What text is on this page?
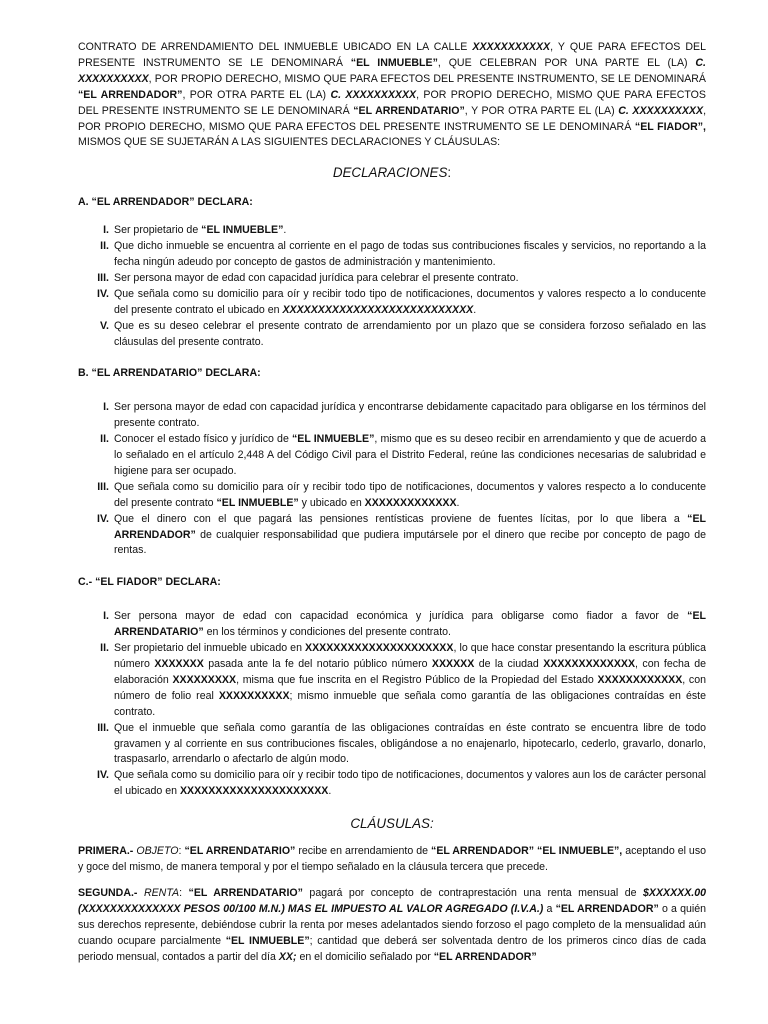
CONTRATO DE ARRENDAMIENTO DEL INMUEBLE UBICADO EN LA CALLE XXXXXXXXXXX, Y QUE PARA EFECTOS DEL PRESENTE INSTRUMENTO SE LE DENOMINARÁ “EL INMUEBLE”, QUE CELEBRAN POR UNA PARTE EL (LA) C. XXXXXXXXXX, POR PROPIO DERECHO, MISMO QUE PARA EFECTOS DEL PRESENTE INSTRUMENTO, SE LE DENOMINARÁ “EL ARRENDADOR”, POR OTRA PARTE EL (LA) C. XXXXXXXXXX, POR PROPIO DERECHO, MISMO QUE PARA EFECTOS DEL PRESENTE INSTRUMENTO SE LE DENOMINARÁ “EL ARRENDATARIO”, Y POR OTRA PARTE EL (LA) C. XXXXXXXXXX, POR PROPIO DERECHO, MISMO QUE PARA EFECTOS DEL PRESENTE INSTRUMENTO SE LE DENOMINARÁ “EL FIADOR”, MISMOS QUE SE SUJETARÁN A LAS SIGUIENTES DECLARACIONES Y CLÁUSULAS:

DECLARACIONES:
A. “EL ARRENDADOR” DECLARA:
I. Ser propietario de “EL INMUEBLE”.
II. Que dicho inmueble se encuentra al corriente en el pago de todas sus contribuciones fiscales y servicios, no reportando a la fecha ningún adeudo por concepto de gastos de administración y mantenimiento.
III. Ser persona mayor de edad con capacidad jurídica para celebrar el presente contrato.
IV. Que señala como su domicilio para oír y recibir todo tipo de notificaciones, documentos y valores respecto a lo conducente del presente contrato el ubicado en XXXXXXXXXXXXXXXXXXXXXXXXXXX.
V. Que es su deseo celebrar el presente contrato de arrendamiento por un plazo que se considera forzoso señalado en las cláusulas del presente contrato.
B. “EL ARRENDATARIO” DECLARA:
I. Ser persona mayor de edad con capacidad jurídica y encontrarse debidamente capacitado para obligarse en los términos del presente contrato.
II. Conocer el estado físico y jurídico de “EL INMUEBLE”, mismo que es su deseo recibir en arrendamiento y que de acuerdo a lo señalado en el artículo 2,448 A del Código Civil para el Distrito Federal, reúne las condiciones necesarias de salubridad e higiene para ser ocupado.
III. Que señala como su domicilio para oír y recibir todo tipo de notificaciones, documentos y valores respecto a lo conducente del presente contrato “EL INMUEBLE” y ubicado en XXXXXXXXXXXXX.
IV. Que el dinero con el que pagará las pensiones rentísticas proviene de fuentes lícitas, por lo que libera a “EL ARRENDADOR” de cualquier responsabilidad que pudiera imputársele por el dinero que recibe por concepto de pago de rentas.
C.- “EL FIADOR” DECLARA:
I. Ser persona mayor de edad con capacidad económica y jurídica para obligarse como fiador a favor de “EL ARRENDATARIO” en los términos y condiciones del presente contrato.
II. Ser propietario del inmueble ubicado en XXXXXXXXXXXXXXXXXXXXX, lo que hace constar presentando la escritura pública número XXXXXXX pasada ante la fe del notario público número XXXXXX de la ciudad XXXXXXXXXXXXX, con fecha de elaboración XXXXXXXXX, misma que fue inscrita en el Registro Público de la Propiedad del Estado XXXXXXXXXXXX, con número de folio real XXXXXXXXXX; mismo inmueble que señala como garantía de las obligaciones contraídas en éste contrato.
III. Que el inmueble que señala como garantía de las obligaciones contraídas en éste contrato se encuentra libre de todo gravamen y al corriente en sus contribuciones fiscales, obligándose a no enajenarlo, hipotecarlo, cederlo, gravarlo, donarlo, traspasarlo, arrendarlo o afectarlo de algún modo.
IV. Que señala como su domicilio para oír y recibir todo tipo de notificaciones, documentos y valores aun los de carácter personal el ubicado en XXXXXXXXXXXXXXXXXXXXX.
CLÁUSULAS:

PRIMERA.- OBJETO: “EL ARRENDATARIO” recibe en arrendamiento de “EL ARRENDADOR” “EL INMUEBLE”, aceptando el uso y goce del mismo, de manera temporal y por el tiempo señalado en la cláusula tercera que precede.

SEGUNDA.- RENTA: “EL ARRENDATARIO” pagará por concepto de contraprestación una renta mensual de $XXXXXX.00 (XXXXXXXXXXXXXX PESOS 00/100 M.N.) MAS EL IMPUESTO AL VALOR AGREGADO (I.V.A.) a “EL ARRENDADOR” o a quién sus derechos represente, debiéndose cubrir la renta por meses adelantados siendo forzoso el pago completo de la mensualidad aún cuando ocupare parcialmente “EL INMUEBLE”; cantidad que deberá ser solventada dentro de los primeros cinco días de cada periodo mensual, contados a partir del día XX; en el domicilio señalado por “EL ARRENDADOR”
